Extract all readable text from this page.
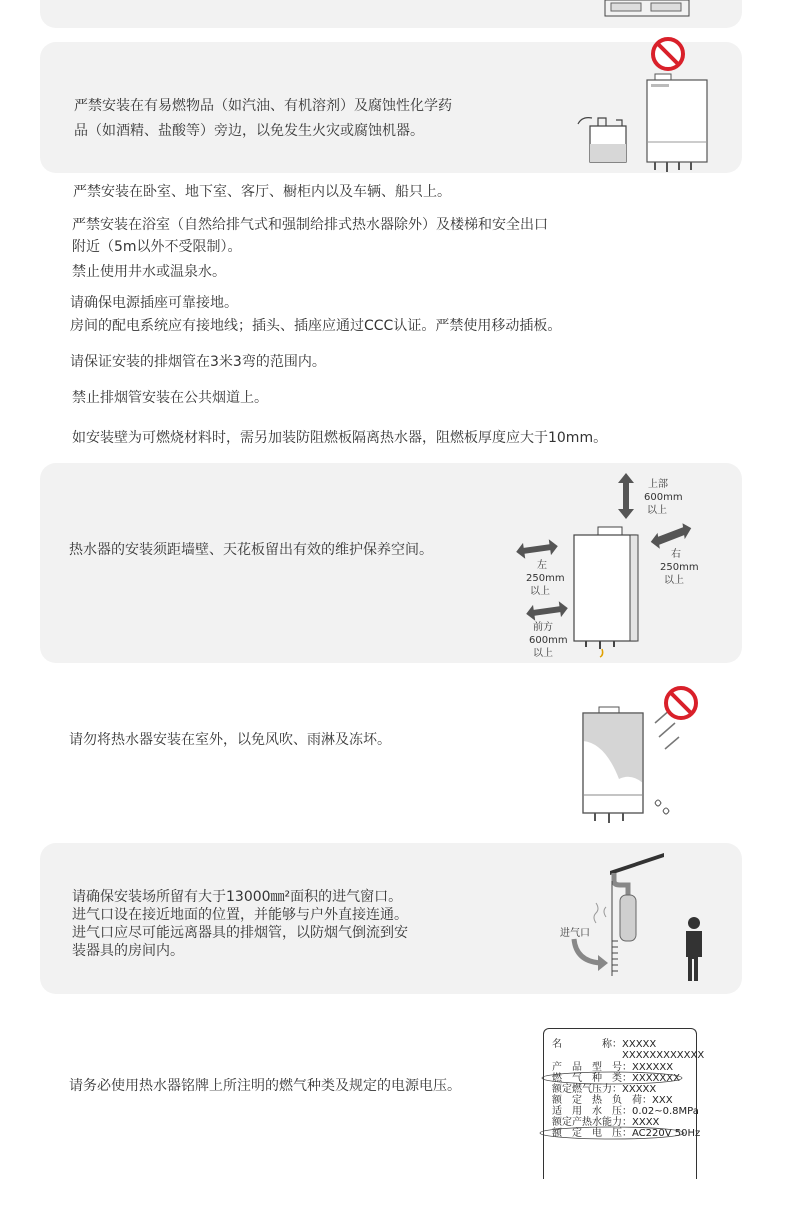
严禁安装在有易燃物品（如汽油、有机溶剂）及腐蚀性化学药
品（如酒精、盐酸等）旁边，以免发生火灾或腐蚀机器。
严禁安装在卧室、地下室、客厅、橱柜内以及车辆、船只上。
严禁安装在浴室（自然给排气式和强制给排式热水器除外）及楼梯和安全出口
附近（5m以外不受限制）。
禁止使用井水或温泉水。
请确保电源插座可靠接地。
房间的配电系统应有接地线；插头、插座应通过CCC认证。严禁使用移动插板。
请保证安装的排烟管在3米3弯的范围内。
禁止排烟管安装在公共烟道上。
如安装壁为可燃烧材料时，需另加装防阻燃板隔离热水器，阻燃板厚度应大于10mm。
热水器的安装须距墙壁、天花板留出有效的维护保养空间。
上部
600mm
以上
右
250mm
以上
左
250mm
以上
前方
600mm
以上
请勿将热水器安装在室外，以免风吹、雨淋及冻坏。
请确保安装场所留有大于13000㎜²面积的进气窗口。
进气口设在接近地面的位置，并能够与户外直接连通。
进气口应尽可能远离器具的排烟管，以防烟气倒流到安
装器具的房间内。
进气口
请务必使用热水器铭牌上所注明的燃气种类及规定的电源电压。
名　　　　称：XXXXX
XXXXXXXXXXXX
产　品　型　号：XXXXXX
燃　气　种　类：XXXXXXX
额定燃气压力：XXXXX
额　定　热　负　荷：XXX
适　用　水　压：0.02~0.8MPa
额定产热水能力：XXXX
额　定　电　压：AC220V 50Hz
